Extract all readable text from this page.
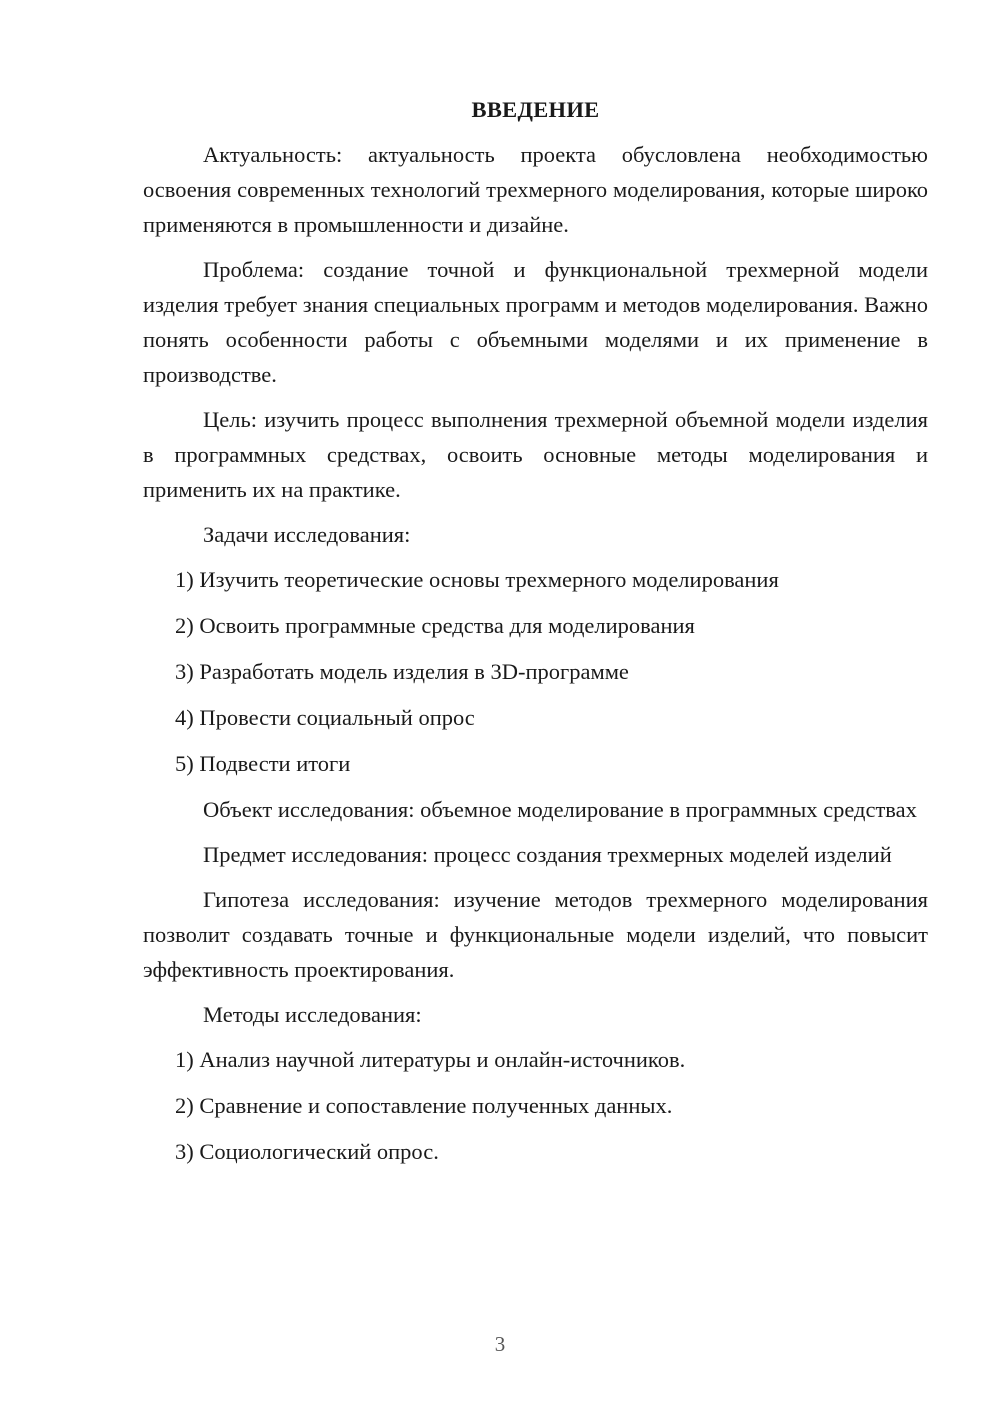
ВВЕДЕНИЕ

Актуальность: актуальность проекта обусловлена необходимостью освоения современных технологий трехмерного моделирования, которые широко применяются в промышленности и дизайне.

Проблема: создание точной и функциональной трехмерной модели изделия требует знания специальных программ и методов моделирования. Важно понять особенности работы с объемными моделями и их применение в производстве.

Цель: изучить процесс выполнения трехмерной объемной модели изделия в программных средствах, освоить основные методы моделирования и применить их на практике.

Задачи исследования:

1) Изучить теоретические основы трехмерного моделирования
2) Освоить программные средства для моделирования
3) Разработать модель изделия в 3D-программе
4) Провести социальный опрос
5) Подвести итоги

Объект исследования: объемное моделирование в программных средствах

Предмет исследования: процесс создания трехмерных моделей изделий

Гипотеза исследования: изучение методов трехмерного моделирования позволит создавать точные и функциональные модели изделий, что повысит эффективность проектирования.

Методы исследования:

1) Анализ научной литературы и онлайн-источников.
2) Сравнение и сопоставление полученных данных.
3) Социологический опрос.
3
